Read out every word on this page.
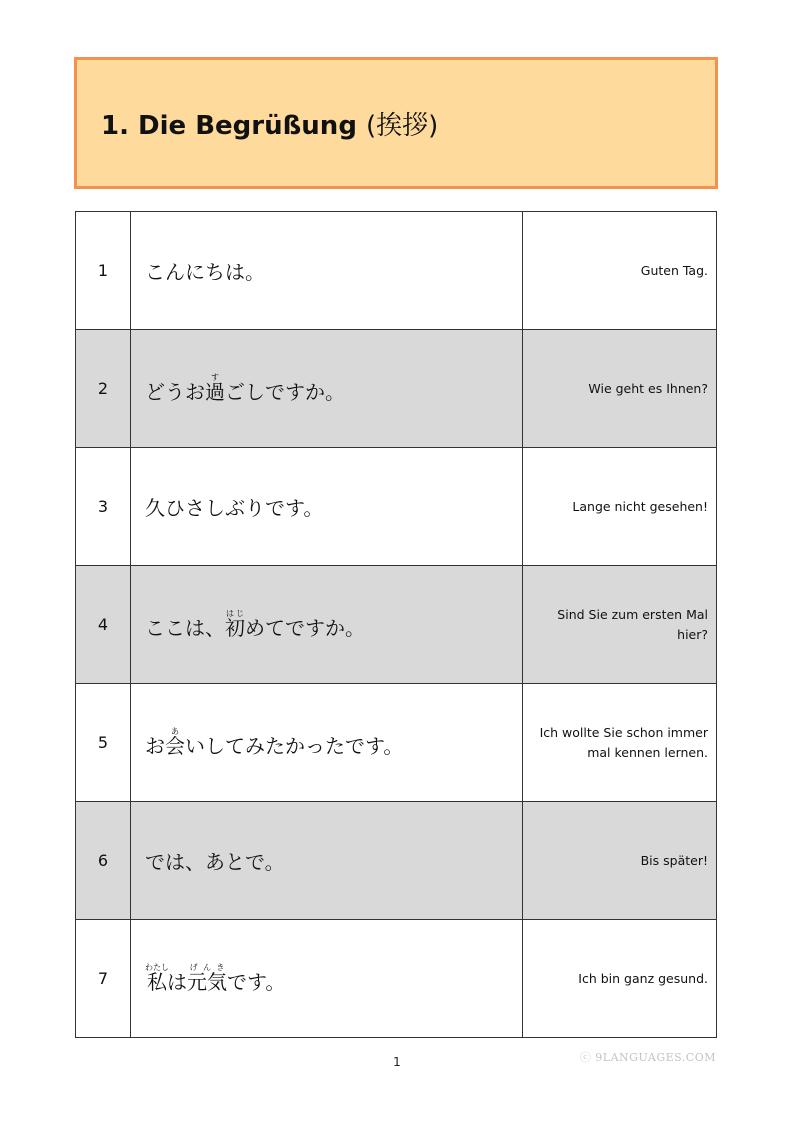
1. Die Begrüßung (挨拶)
1	こんにちは。	Guten Tag.
2	どうお過すごしですか。	Wie geht es Ihnen?
3	久ひさしぶりです。	Lange nicht gesehen!
4	ここは、初はじめてですか。	Sind Sie zum ersten Mal hier?
5	お会あいしてみたかったです。	Ich wollte Sie schon immer mal kennen lernen.
6	では、あとで。	Bis später!
7	私わたしは元気げんきです。	Ich bin ganz gesund.
1	ⓒ 9LANGUAGES.COM
